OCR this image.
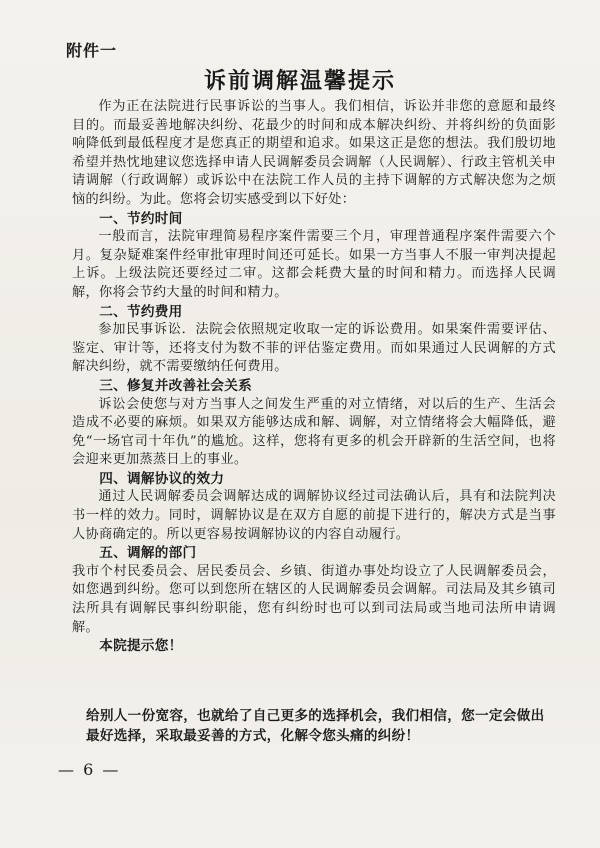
附件一
诉前调解温馨提示

作为正在法院进行民事诉讼的当事人。我们相信，诉讼并非您的意愿和最终目的。而最妥善地解决纠纷、花最少的时间和成本解决纠纷、并将纠纷的负面影响降低到最低程度才是您真正的期望和追求。如果这正是您的想法。我们殷切地希望并热忱地建议您选择申请人民调解委员会调解（人民调解）、行政主管机关申请调解（行政调解）或诉讼中在法院工作人员的主持下调解的方式解决您为之烦恼的纠纷。为此。您将会切实感受到以下好处：

一、节约时间

一般而言，法院审理简易程序案件需要三个月，审理普通程序案件需要六个月。复杂疑难案件经审批审理时间还可延长。如果一方当事人不服一审判决提起上诉。上级法院还要经过二审。这都会耗费大量的时间和精力。而选择人民调解，你将会节约大量的时间和精力。

二、节约费用

参加民事诉讼．法院会依照规定收取一定的诉讼费用。如果案件需要评估、鉴定、审计等，还将支付为数不菲的评估鉴定费用。而如果通过人民调解的方式解决纠纷，就不需要缴纳任何费用。

三、修复并改善社会关系

诉讼会使您与对方当事人之间发生严重的对立情绪，对以后的生产、生活会造成不必要的麻烦。如果双方能够达成和解、调解，对立情绪将会大幅降低，避免“一场官司十年仇”的尴尬。这样，您将有更多的机会开辟新的生活空间，也将会迎来更加蒸蒸日上的事业。

四、调解协议的效力

通过人民调解委员会调解达成的调解协议经过司法确认后，具有和法院判决书一样的效力。同时，调解协议是在双方自愿的前提下进行的，解决方式是当事人协商确定的。所以更容易按调解协议的内容自动履行。

五、调解的部门

我市个村民委员会、居民委员会、乡镇、街道办事处均设立了人民调解委员会，如您遇到纠纷。您可以到您所在辖区的人民调解委员会调解。司法局及其乡镇司法所具有调解民事纠纷职能，您有纠纷时也可以到司法局或当地司法所申请调解。

本院提示您！

给别人一份宽容，也就给了自己更多的选择机会，我们相信，您一定会做出最好选择，采取最妥善的方式，化解令您头痛的纠纷！

— 6 —
